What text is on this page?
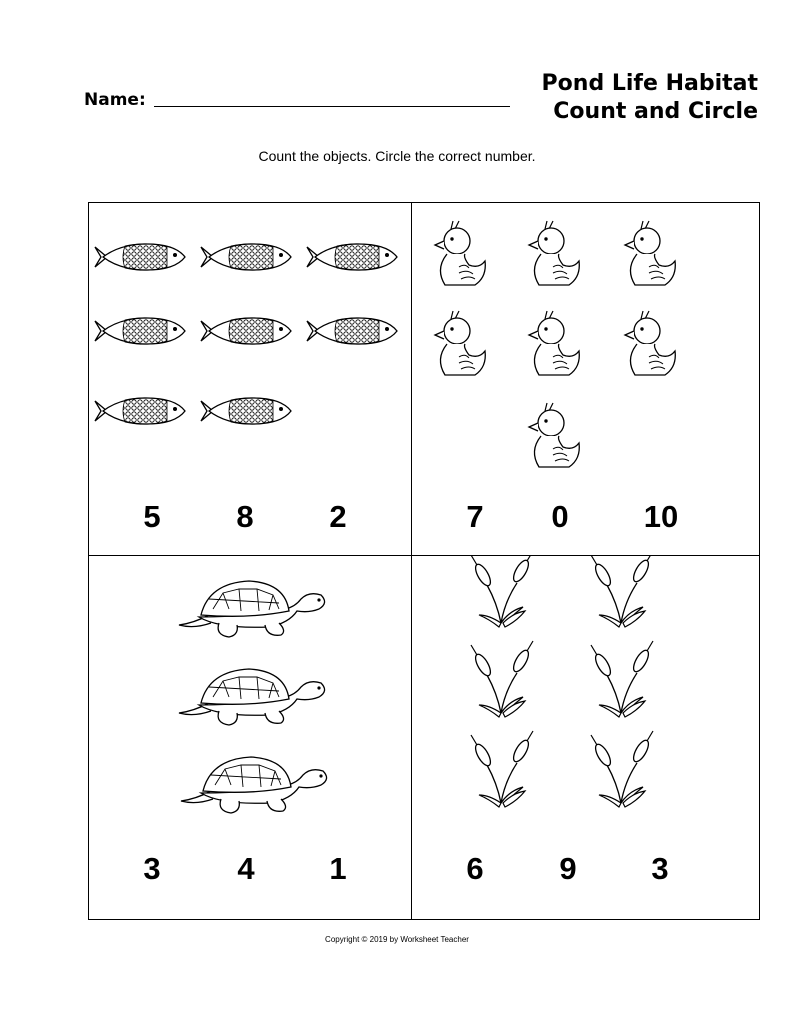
Name:
Pond Life Habitat
Count and Circle
Count the objects. Circle the correct number.
5	8	2	7	0	10
3	4	1	6	9	3
Copyright © 2019 by Worksheet Teacher
